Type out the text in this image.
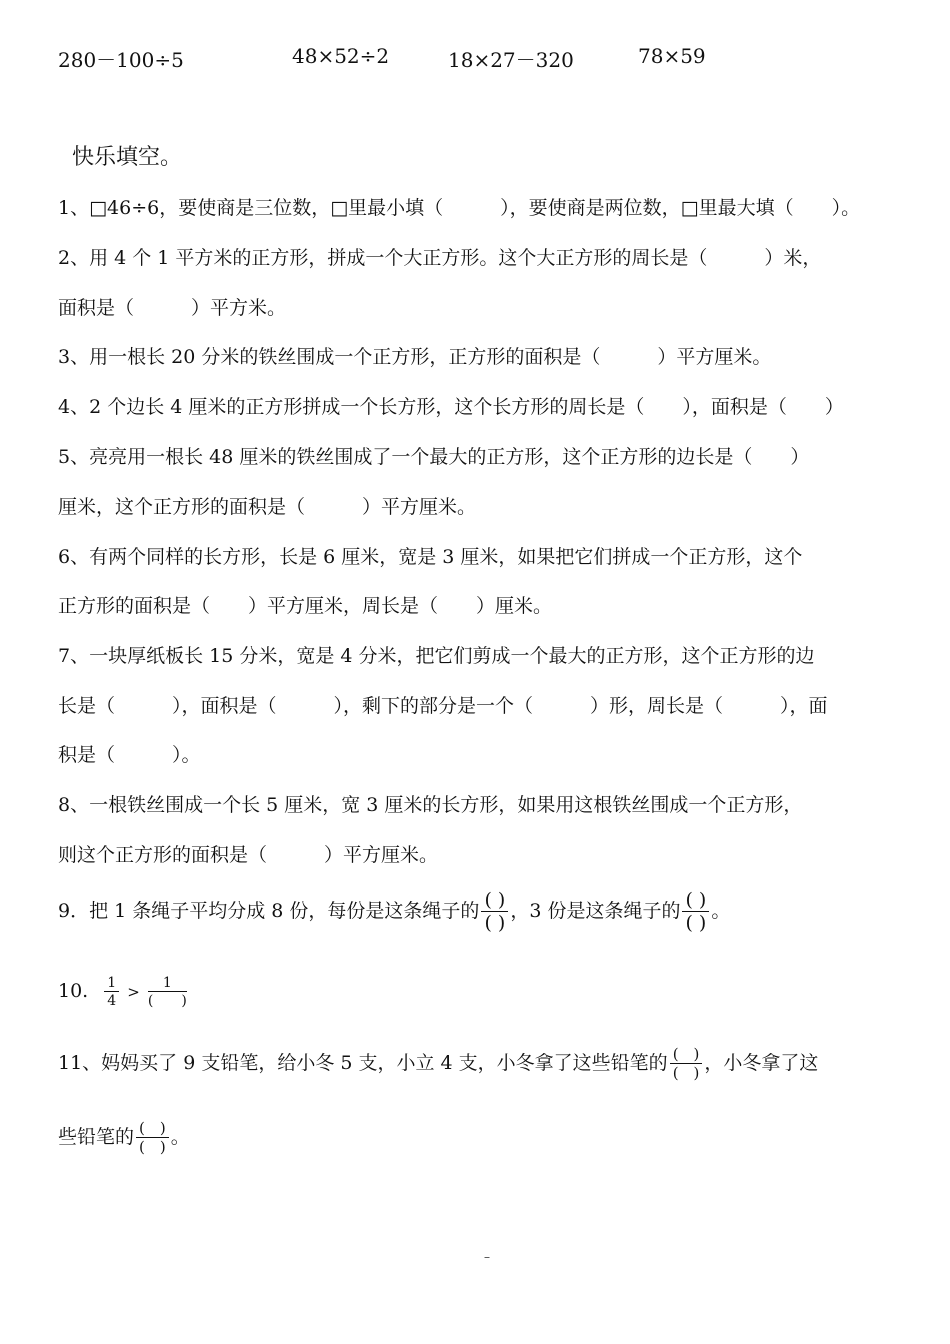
280－100÷5	48×52÷2	18×27－320	78×59
快乐填空。
1、□46÷6，要使商是三位数，□里最小填（　　　），要使商是两位数，□里最大填（　　）。
2、用 4 个 1 平方米的正方形，拼成一个大正方形。这个大正方形的周长是（　　　）米，
面积是（　　　）平方米。
3、用一根长 20 分米的铁丝围成一个正方形，正方形的面积是（　　　）平方厘米。
4、2 个边长 4 厘米的正方形拼成一个长方形，这个长方形的周长是（　　），面积是（　　）
5、亮亮用一根长 48 厘米的铁丝围成了一个最大的正方形，这个正方形的边长是（　　）
厘米，这个正方形的面积是（　　　）平方厘米。
6、有两个同样的长方形，长是 6 厘米，宽是 3 厘米，如果把它们拼成一个正方形，这个
正方形的面积是（　　）平方厘米，周长是（　　）厘米。
7、一块厚纸板长 15 分米，宽是 4 分米，把它们剪成一个最大的正方形，这个正方形的边
长是（　　　），面积是（　　　），剩下的部分是一个（　　　）形，周长是（　　　），面
积是（　　　）。
8、一根铁丝围成一个长 5 厘米，宽 3 厘米的长方形，如果用这根铁丝围成一个正方形，
则这个正方形的面积是（　　　）平方厘米。
9．把 1 条绳子平均分成 8 份，每份是这条绳子的 $\frac{( )}{( )}$ ，3 份是这条绳子的 $\frac{( )}{( )}$ 。
10. $\frac{1}{4} > \frac{1}{( )}$
11、妈妈买了 9 支铅笔，给小冬 5 支，小立 4 支，小冬拿了这些铅笔的 $\frac{( )}{( )}$ ，小冬拿了这
些铅笔的 $\frac{( )}{( )}$ 。
–
